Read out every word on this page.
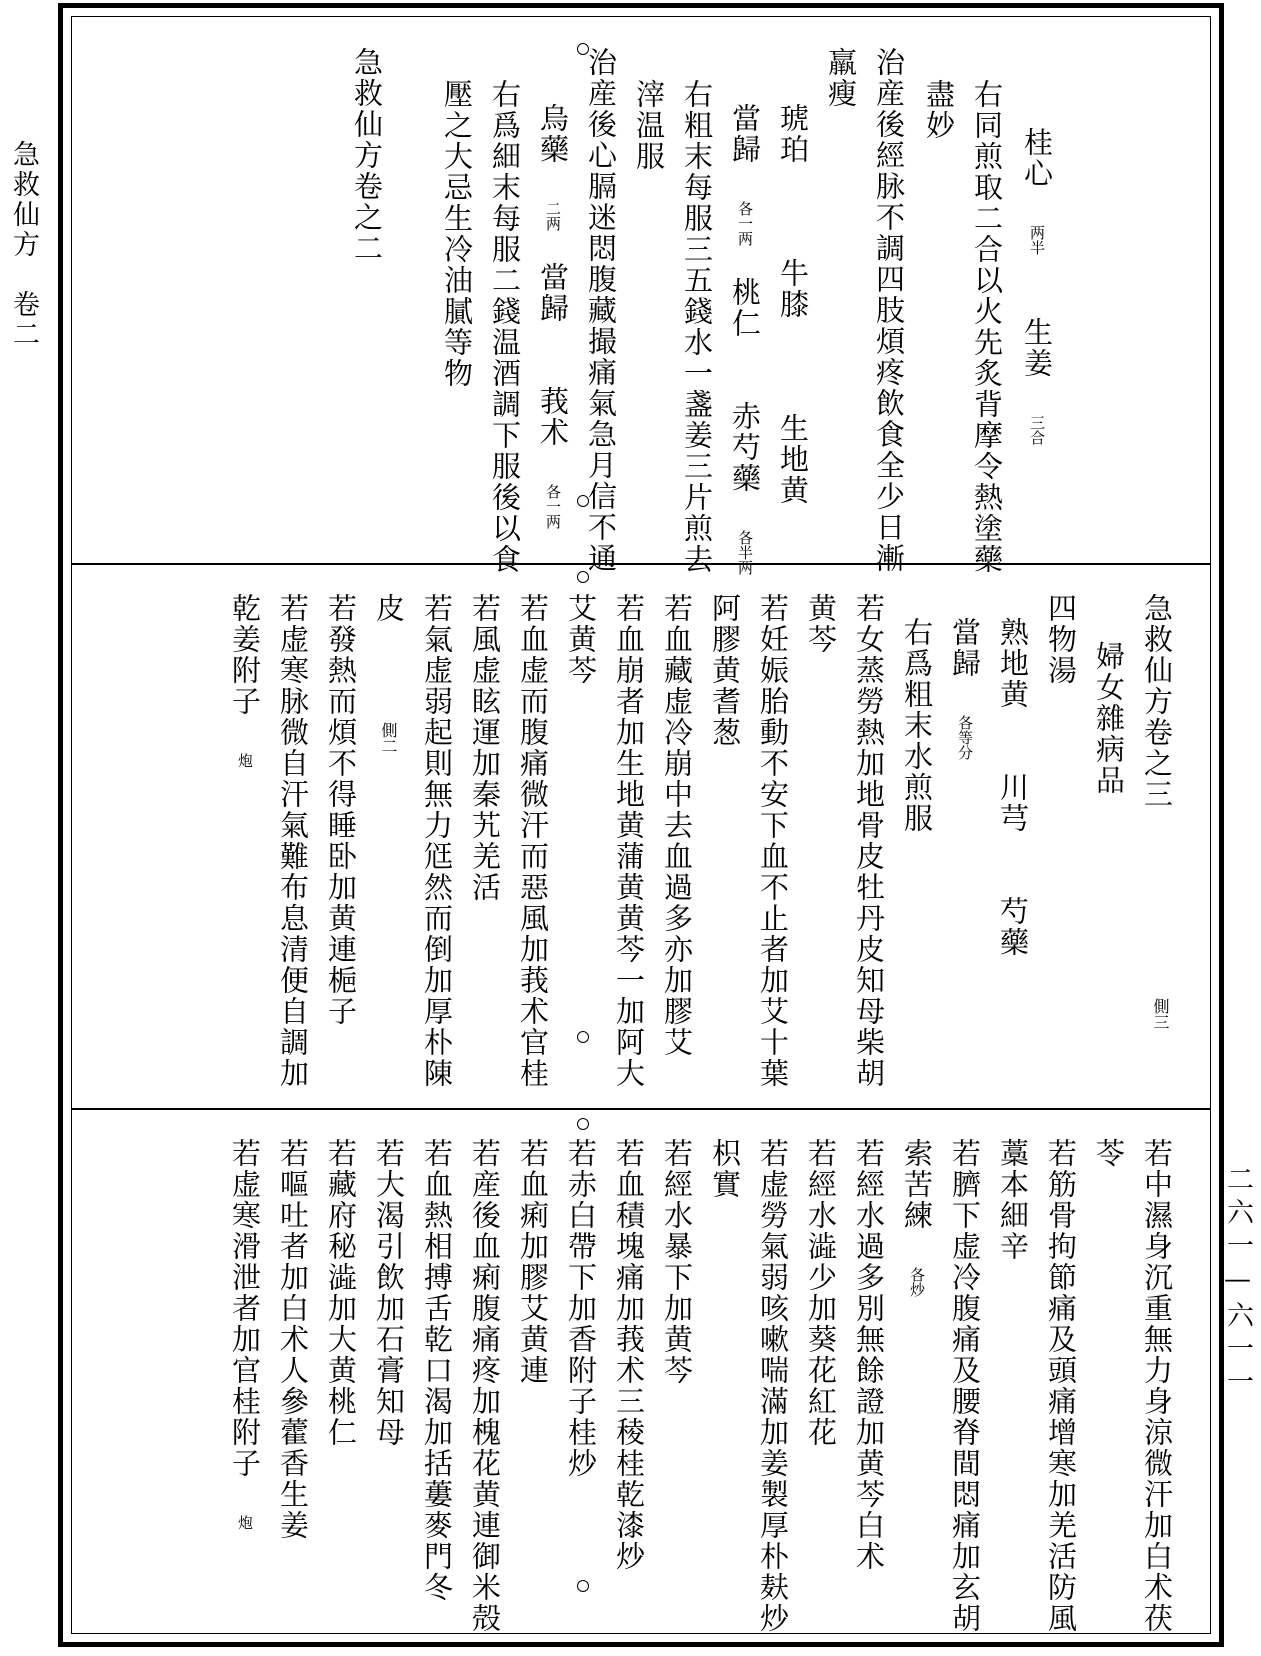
急救仙方　卷二
二六一—六一一
桂心 两半　　生姜 三合
右同煎取二合以火先炙背摩令熱塗藥
盡妙
治産後經脉不調四肢煩疼飲食全少日漸
羸瘦
琥珀　　　牛膝　　　生地黄
當歸 各一两　桃仁　　赤芍藥 各半两
右粗末每服三五錢水一盞姜三片煎去
滓温服
治産後心膈迷悶腹藏撮痛氣急月信不通
烏藥 二两　當歸　　莪术 各一两
右爲細末每服二錢温酒調下服後以食
壓之大忌生冷油膩等物
急救仙方卷之二
側三
側二	急救仙方卷之三
婦女雜病品
四物湯
熟地黄　　川芎　　芍藥
當歸 各等分
右爲粗末水煎服
若女蒸勞熱加地骨皮牡丹皮知母柴胡
黄芩
若妊娠胎動不安下血不止者加艾十葉
阿膠黄耆葱
若血藏虚冷崩中去血過多亦加膠艾
若血崩者加生地黄蒲黄黄芩一加阿大
艾黄芩
若血虚而腹痛微汗而惡風加莪术官桂
若風虚眩運加秦艽羌活
若氣虚弱起則無力尩然而倒加厚朴陳
皮
若發熱而煩不得睡卧加黄連梔子
若虚寒脉微自汗氣難布息清便自調加
乾姜附子 炮
若中濕身沉重無力身涼微汗加白术茯
苓
若筋骨拘節痛及頭痛增寒加羌活防風
藁本細辛
若臍下虚冷腹痛及腰脊間悶痛加玄胡
索苦練 各炒
若經水過多別無餘證加黄芩白术
若經水澁少加葵花紅花
若虚勞氣弱咳嗽喘滿加姜製厚朴麸炒
枳實
若經水暴下加黄芩
若血積塊痛加莪术三稜桂乾漆炒
若赤白帶下加香附子桂炒
若血痢加膠艾黄連
若産後血痢腹痛疼加槐花黄連御米殻
若血熱相搏舌乾口渴加括蔞麥門冬
若大渴引飲加石膏知母
若藏府秘澁加大黄桃仁
若嘔吐者加白术人參藿香生姜
若虚寒滑泄者加官桂附子 炮
